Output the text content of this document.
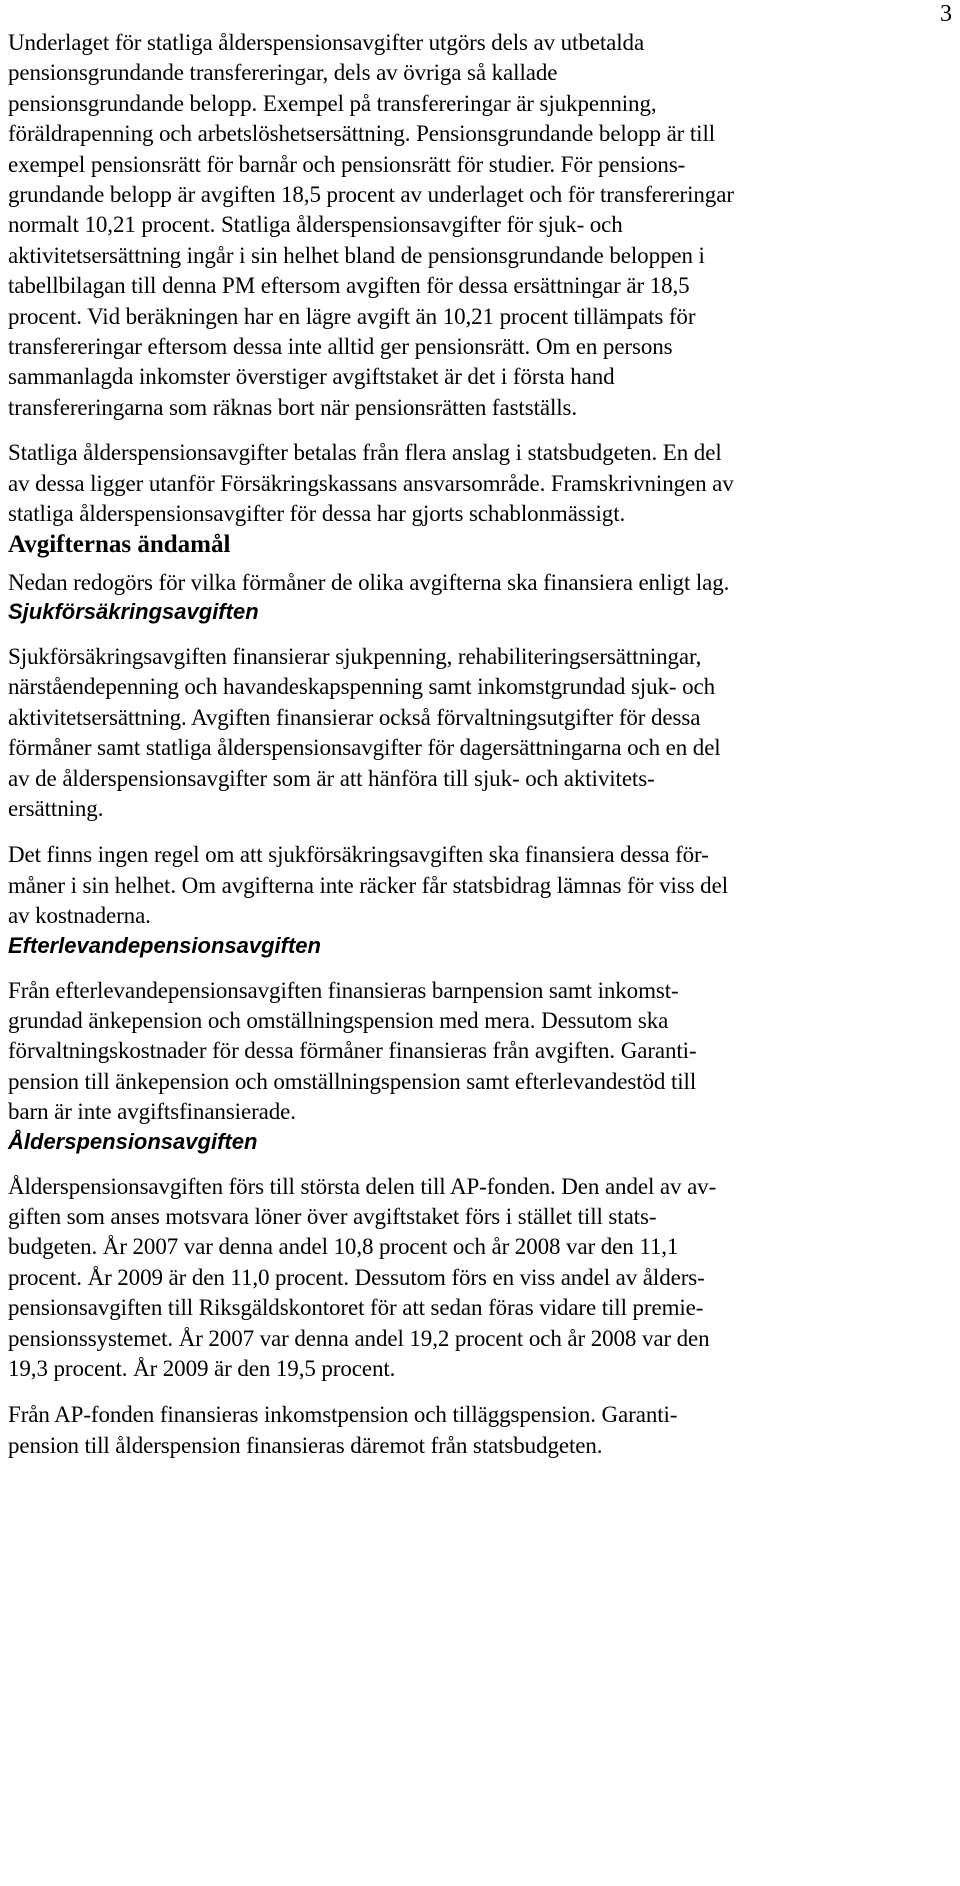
3

Underlaget för statliga ålderspensionsavgifter utgörs dels av utbetalda
pensionsgrundande transfereringar, dels av övriga så kallade
pensionsgrundande belopp. Exempel på transfereringar är sjukpenning,
föräldrapenning och arbetslöshetsersättning. Pensionsgrundande belopp är till
exempel pensionsrätt för barnår och pensionsrätt för studier. För pensions-
grundande belopp är avgiften 18,5 procent av underlaget och för transfereringar
normalt 10,21 procent. Statliga ålderspensionsavgifter för sjuk- och
aktivitetsersättning ingår i sin helhet bland de pensionsgrundande beloppen i
tabellbilagan till denna PM eftersom avgiften för dessa ersättningar är 18,5
procent. Vid beräkningen har en lägre avgift än 10,21 procent tillämpats för
transfereringar eftersom dessa inte alltid ger pensionsrätt. Om en persons
sammanlagda inkomster överstiger avgiftstaket är det i första hand
transfereringarna som räknas bort när pensionsrätten fastställs.

Statliga ålderspensionsavgifter betalas från flera anslag i statsbudgeten. En del
av dessa ligger utanför Försäkringskassans ansvarsområde. Framskrivningen av
statliga ålderspensionsavgifter för dessa har gjorts schablonmässigt.

Avgifternas ändamål

Nedan redogörs för vilka förmåner de olika avgifterna ska finansiera enligt lag.

Sjukförsäkringsavgiften

Sjukförsäkringsavgiften finansierar sjukpenning, rehabiliteringsersättningar,
närståendepenning och havandeskapspenning samt inkomstgrundad sjuk- och
aktivitetsersättning. Avgiften finansierar också förvaltningsutgifter för dessa
förmåner samt statliga ålderspensionsavgifter för dagersättningarna och en del
av de ålderspensionsavgifter som är att hänföra till sjuk- och aktivitets-
ersättning.

Det finns ingen regel om att sjukförsäkringsavgiften ska finansiera dessa för-
måner i sin helhet. Om avgifterna inte räcker får statsbidrag lämnas för viss del
av kostnaderna.

Efterlevandepensionsavgiften

Från efterlevandepensionsavgiften finansieras barnpension samt inkomst-
grundad änkepension och omställningspension med mera. Dessutom ska
förvaltningskostnader för dessa förmåner finansieras från avgiften. Garanti-
pension till änkepension och omställningspension samt efterlevandestöd till
barn är inte avgiftsfinansierade.

Ålderspensionsavgiften

Ålderspensionsavgiften förs till största delen till AP-fonden. Den andel av av-
giften som anses motsvara löner över avgiftstaket förs i stället till stats-
budgeten. År 2007 var denna andel 10,8 procent och år 2008 var den 11,1
procent. År 2009 är den 11,0 procent. Dessutom förs en viss andel av ålders-
pensionsavgiften till Riksgäldskontoret för att sedan föras vidare till premie-
pensionssystemet. År 2007 var denna andel 19,2 procent och år 2008 var den
19,3 procent. År 2009 är den 19,5 procent.

Från AP-fonden finansieras inkomstpension och tilläggspension. Garanti-
pension till ålderspension finansieras däremot från statsbudgeten.
